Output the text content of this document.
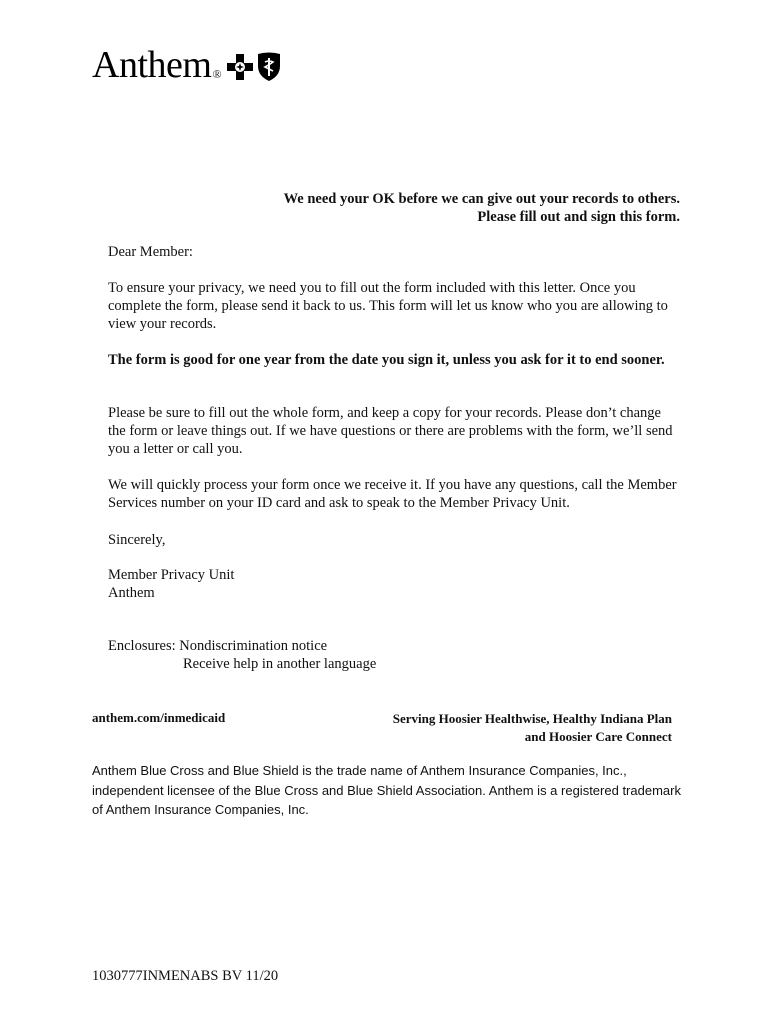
Anthem ®
We need your OK before we can give out your records to others.
Please fill out and sign this form.
Dear Member:
To ensure your privacy, we need you to fill out the form included with this letter. Once you complete the form, please send it back to us. This form will let us know who you are allowing to view your records.
The form is good for one year from the date you sign it, unless you ask for it to end sooner.
Please be sure to fill out the whole form, and keep a copy for your records. Please don’t change the form or leave things out. If we have questions or there are problems with the form, we’ll send you a letter or call you.
We will quickly process your form once we receive it. If you have any questions, call the Member Services number on your ID card and ask to speak to the Member Privacy Unit.
Sincerely,
Member Privacy Unit
Anthem
Enclosures: Nondiscrimination notice
Receive help in another language
anthem.com/inmedicaid	Serving Hoosier Healthwise, Healthy Indiana Plan
and Hoosier Care Connect
Anthem Blue Cross and Blue Shield is the trade name of Anthem Insurance Companies, Inc., independent licensee of the Blue Cross and Blue Shield Association. Anthem is a registered trademark of Anthem Insurance Companies, Inc.
1030777INMENABS BV 11/20
